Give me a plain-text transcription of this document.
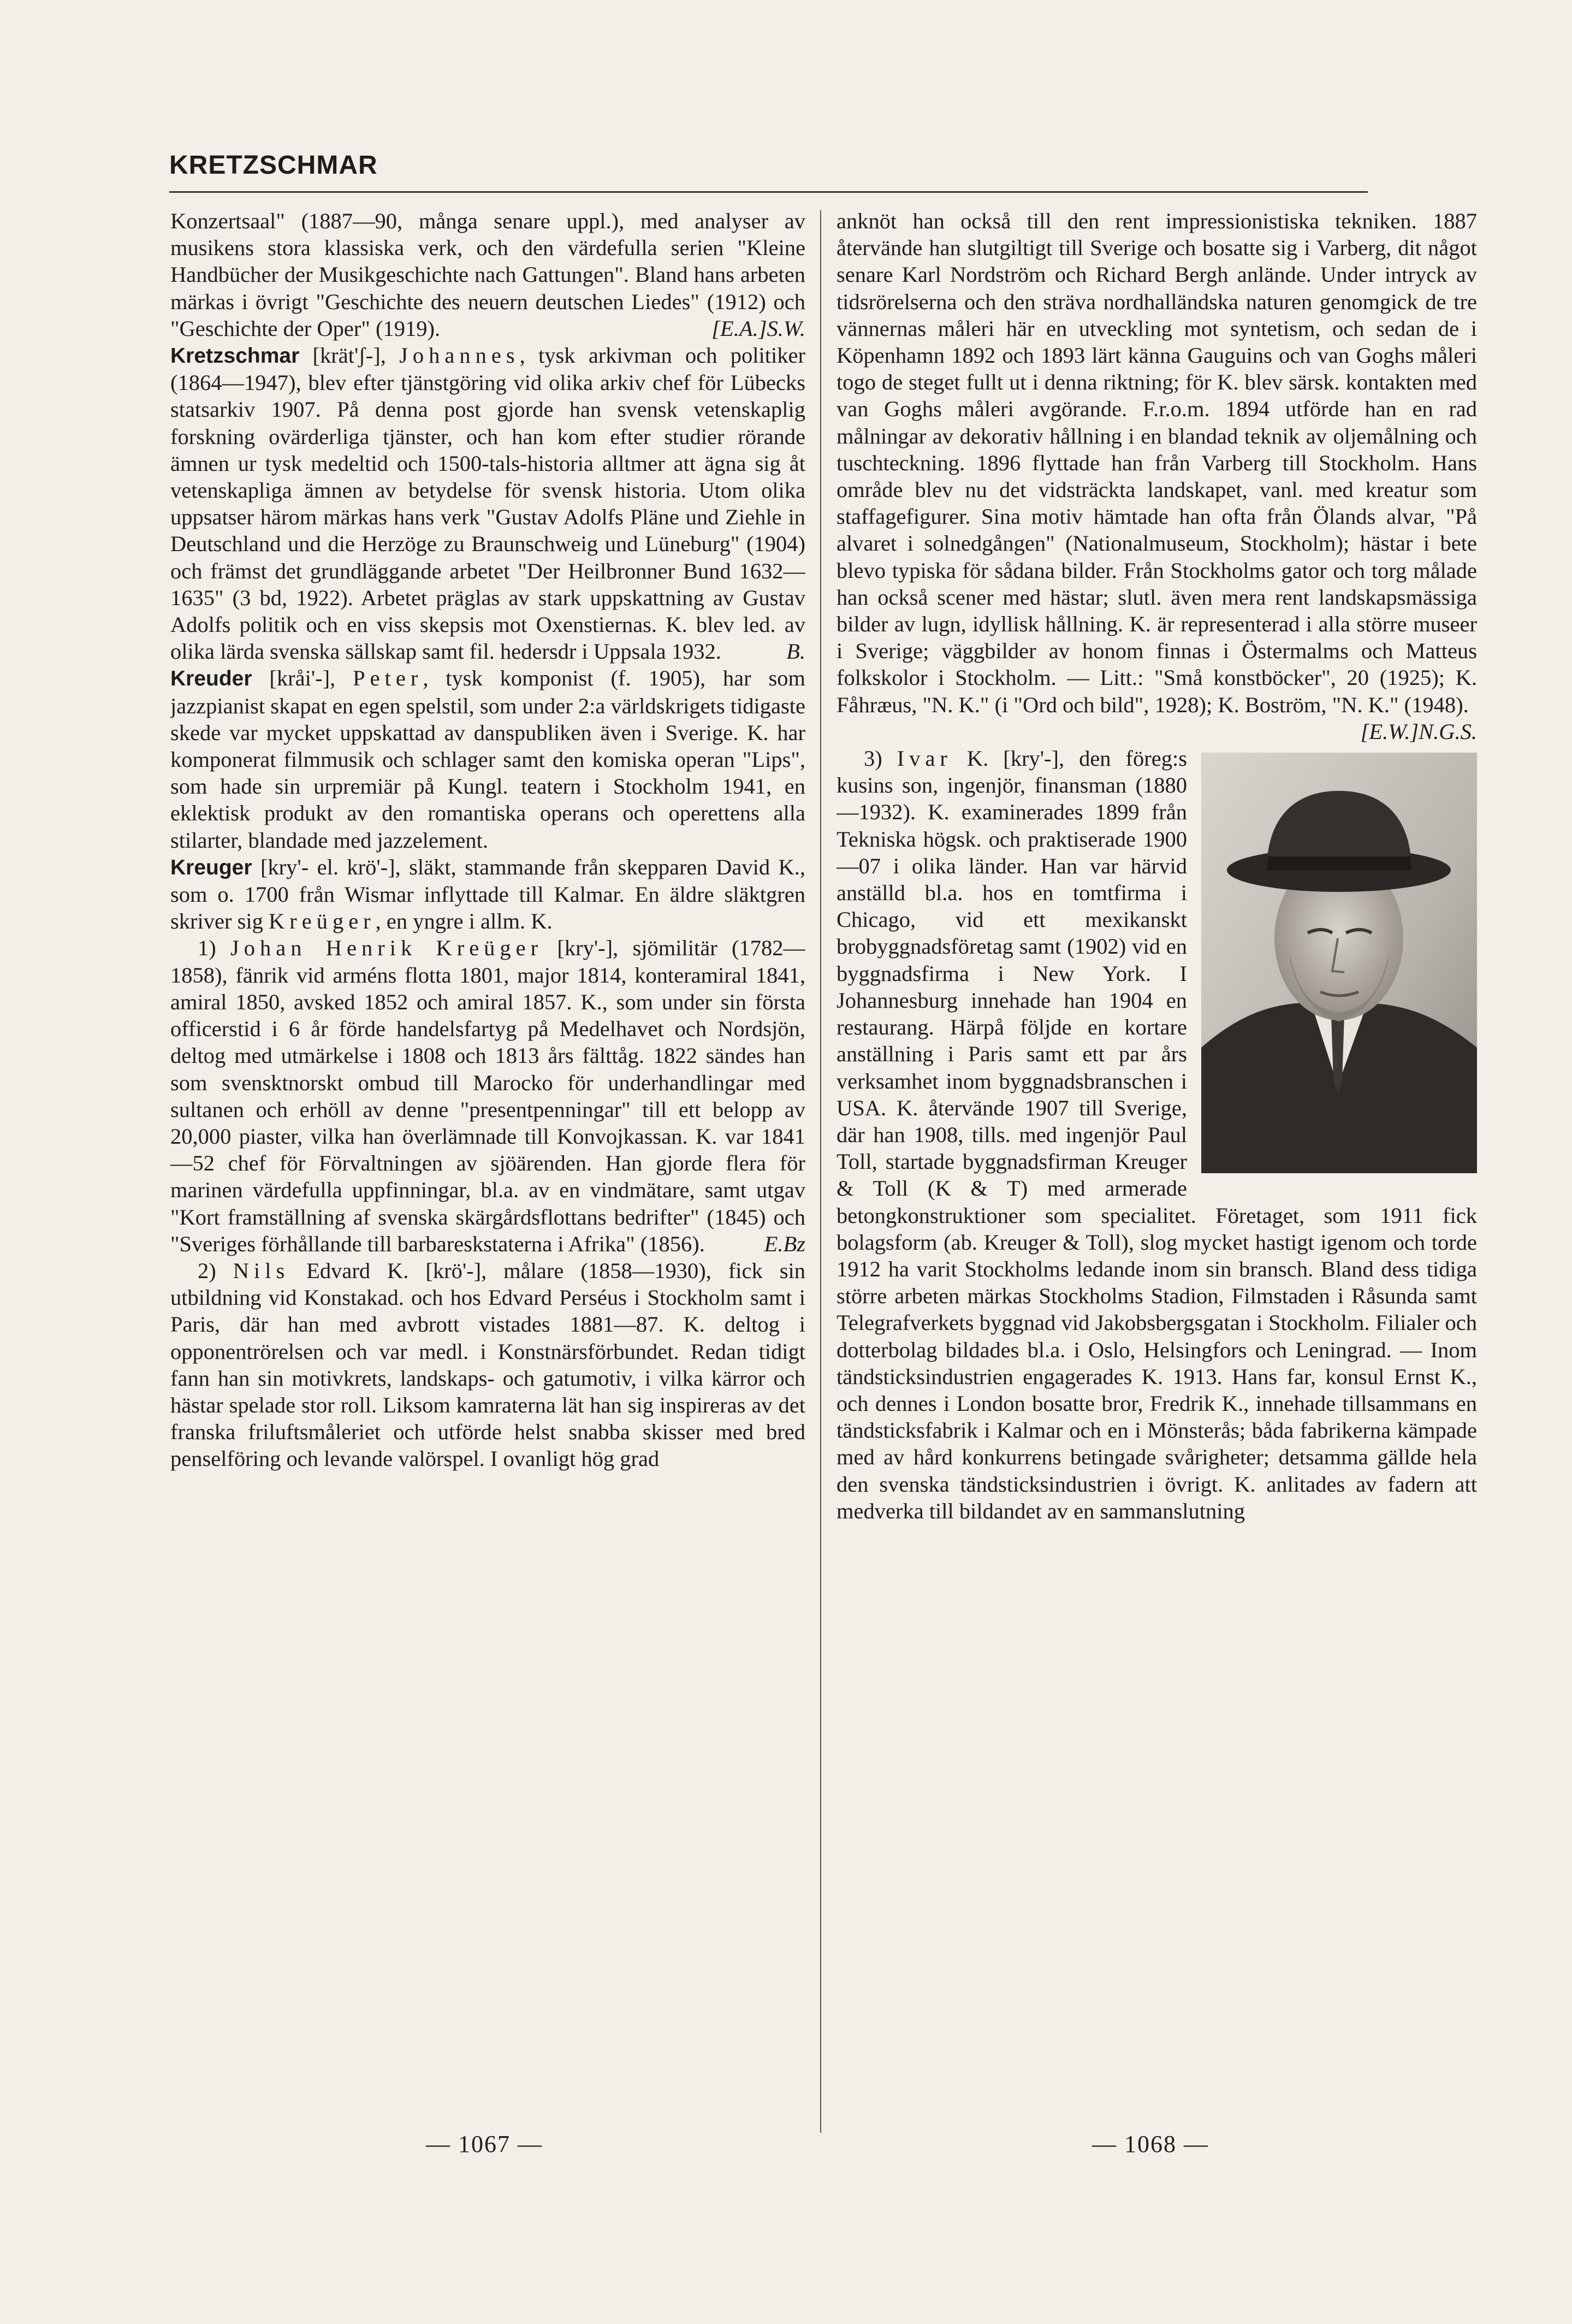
KRETZSCHMAR

Konzertsaal" (1887—90, många senare uppl.), med analyser av musikens stora klassiska verk, och den värdefulla serien "Kleine Handbücher der Musikgeschichte nach Gattungen". Bland hans arbeten märkas i övrigt "Geschichte des neuern deutschen Liedes" (1912) och "Geschichte der Oper" (1919).	[E.A.]S.W.

Kretzschmar [krät'ʃ-], Johannes, tysk arkivman och politiker (1864—1947), blev efter tjänstgöring vid olika arkiv chef för Lübecks statsarkiv 1907. På denna post gjorde han svensk vetenskaplig forskning ovärderliga tjänster, och han kom efter studier rörande ämnen ur tysk medeltid och 1500-tals-historia alltmer att ägna sig åt vetenskapliga ämnen av betydelse för svensk historia. Utom olika uppsatser härom märkas hans verk "Gustav Adolfs Pläne und Ziehle in Deutschland und die Herzöge zu Braunschweig und Lüneburg" (1904) och främst det grundläggande arbetet "Der Heilbronner Bund 1632—1635" (3 bd, 1922). Arbetet präglas av stark uppskattning av Gustav Adolfs politik och en viss skepsis mot Oxenstiernas. K. blev led. av olika lärda svenska sällskap samt fil. hedersdr i Uppsala 1932.	B.

Kreuder [kråi'-], Peter, tysk komponist (f. 1905), har som jazzpianist skapat en egen spelstil, som under 2:a världskrigets tidigaste skede var mycket uppskattad av danspubliken även i Sverige. K. har komponerat filmmusik och schlager samt den komiska operan "Lips", som hade sin urpremiär på Kungl. teatern i Stockholm 1941, en eklektisk produkt av den romantiska operans och operettens alla stilarter, blandade med jazzelement.

Kreuger [kry'- el. krö'-], släkt, stammande från skepparen David K., som o. 1700 från Wismar inflyttade till Kalmar. En äldre släktgren skriver sig Kreüger, en yngre i allm. K.

1) Johan Henrik Kreüger [kry'-], sjömilitär (1782—1858), fänrik vid arméns flotta 1801, major 1814, konteramiral 1841, amiral 1850, avsked 1852 och amiral 1857. K., som under sin första officerstid i 6 år förde handelsfartyg på Medelhavet och Nordsjön, deltog med utmärkelse i 1808 och 1813 års fälttåg. 1822 sändes han som svensktnorskt ombud till Marocko för underhandlingar med sultanen och erhöll av denne "presentpenningar" till ett belopp av 20,000 piaster, vilka han överlämnade till Konvojkassan. K. var 1841—52 chef för Förvaltningen av sjöärenden. Han gjorde flera för marinen värdefulla uppfinningar, bl.a. av en vindmätare, samt utgav "Kort framställning af svenska skärgårdsflottans bedrifter" (1845) och "Sveriges förhållande till barbareskstaterna i Afrika" (1856).	E.Bz

2) Nils Edvard K. [krö'-], målare (1858—1930), fick sin utbildning vid Konstakad. och hos Edvard Perséus i Stockholm samt i Paris, där han med avbrott vistades 1881—87. K. deltog i opponentrörelsen och var medl. i Konstnärsförbundet. Redan tidigt fann han sin motivkrets, landskaps- och gatumotiv, i vilka kärror och hästar spelade stor roll. Liksom kamraterna lät han sig inspireras av det franska friluftsmåleriet och utförde helst snabba skisser med bred penselföring och levande valörspel. I ovanligt hög grad

anknöt han också till den rent impressionistiska tekniken. 1887 återvände han slutgiltigt till Sverige och bosatte sig i Varberg, dit något senare Karl Nordström och Richard Bergh anlände. Under intryck av tidsrörelserna och den sträva nordhalländska naturen genomgick de tre vännernas måleri här en utveckling mot syntetism, och sedan de i Köpenhamn 1892 och 1893 lärt känna Gauguins och van Goghs måleri togo de steget fullt ut i denna riktning; för K. blev särsk. kontakten med van Goghs måleri avgörande. F.r.o.m. 1894 utförde han en rad målningar av dekorativ hållning i en blandad teknik av oljemålning och tuschteckning. 1896 flyttade han från Varberg till Stockholm. Hans område blev nu det vidsträckta landskapet, vanl. med kreatur som staffagefigurer. Sina motiv hämtade han ofta från Ölands alvar, "På alvaret i solnedgången" (Nationalmuseum, Stockholm); hästar i bete blevo typiska för sådana bilder. Från Stockholms gator och torg målade han också scener med hästar; slutl. även mera rent landskapsmässiga bilder av lugn, idyllisk hållning. K. är representerad i alla större museer i Sverige; väggbilder av honom finnas i Östermalms och Matteus folkskolor i Stockholm. — Litt.: "Små konstböcker", 20 (1925); K. Fåhræus, "N. K." (i "Ord och bild", 1928); K. Boström, "N. K." (1948).
[E.W.]N.G.S.

3) Ivar K. [kry'-], den föreg:s kusins son, ingenjör, finansman (1880—1932). K. examinerades 1899 från Tekniska högsk. och praktiserade 1900—07 i olika länder. Han var härvid anställd bl.a. hos en tomtfirma i Chicago, vid ett mexikanskt brobyggnadsföretag samt (1902) vid en byggnadsfirma i New York. I Johannesburg innehade han 1904 en restaurang. Härpå följde en kortare anställning i Paris samt ett par års verksamhet inom byggnadsbranschen i USA. K. återvände 1907 till Sverige, där han 1908, tills. med ingenjör Paul Toll, startade byggnadsfirman Kreuger & Toll (K & T) med armerade betongkonstruktioner som specialitet. Företaget, som 1911 fick bolagsform (ab. Kreuger & Toll), slog mycket hastigt igenom och torde 1912 ha varit Stockholms ledande inom sin bransch. Bland dess tidiga större arbeten märkas Stockholms Stadion, Filmstaden i Råsunda samt Telegrafverkets byggnad vid Jakobsbergsgatan i Stockholm. Filialer och dotterbolag bildades bl.a. i Oslo, Helsingfors och Leningrad. — Inom tändsticksindustrien engagerades K. 1913. Hans far, konsul Ernst K., och dennes i London bosatte bror, Fredrik K., innehade tillsammans en tändsticksfabrik i Kalmar och en i Mönsterås; båda fabrikerna kämpade med av hård konkurrens betingade svårigheter; detsamma gällde hela den svenska tändsticksindustrien i övrigt. K. anlitades av fadern att medverka till bildandet av en sammanslutning

— 1067 —	— 1068 —
